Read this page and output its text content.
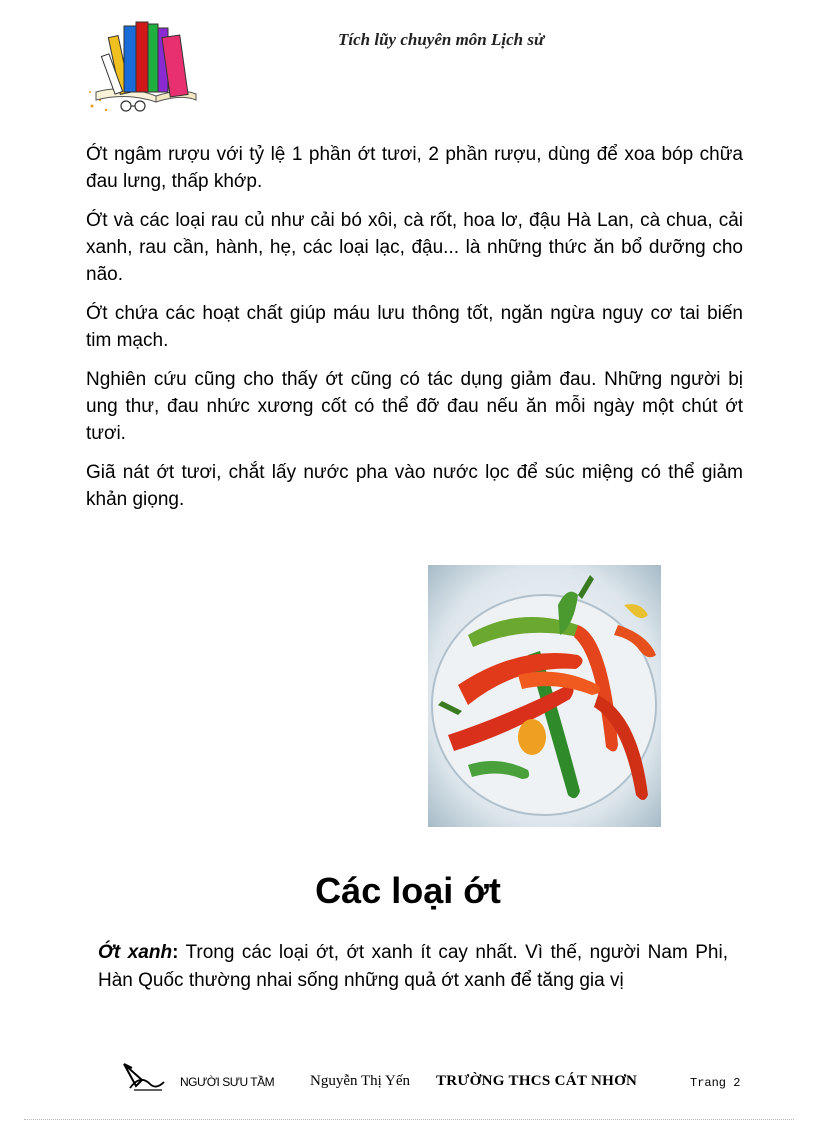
Tích lũy chuyên môn Lịch sử

Ớt ngâm rượu với tỷ lệ 1 phần ớt tươi, 2 phần rượu, dùng để xoa bóp chữa đau lưng, thấp khớp.

Ớt và các loại rau củ như cải bó xôi, cà rốt, hoa lơ, đậu Hà Lan, cà chua, cải xanh, rau cần, hành, hẹ, các loại lạc, đậu... là những thức ăn bổ dưỡng cho não.

Ớt chứa các hoạt chất giúp máu lưu thông tốt, ngăn ngừa nguy cơ tai biến tim mạch.

Nghiên cứu cũng cho thấy ớt cũng có tác dụng giảm đau. Những người bị ung thư, đau nhức xương cốt có thể đỡ đau nếu ăn mỗi ngày một chút ớt tươi.

Giã nát ớt tươi, chắt lấy nước pha vào nước lọc để súc miệng có thể giảm khản giọng.

Các loại ớt
Ớt xanh: Trong các loại ớt, ớt xanh ít cay nhất. Vì thế, người Nam Phi, Hàn Quốc thường nhai sống những quả ớt xanh để tăng gia vị
NGƯỜI SƯU TẦM Nguyễn Thị Yến TRƯỜNG THCS CÁT NHƠN	Trang 2
